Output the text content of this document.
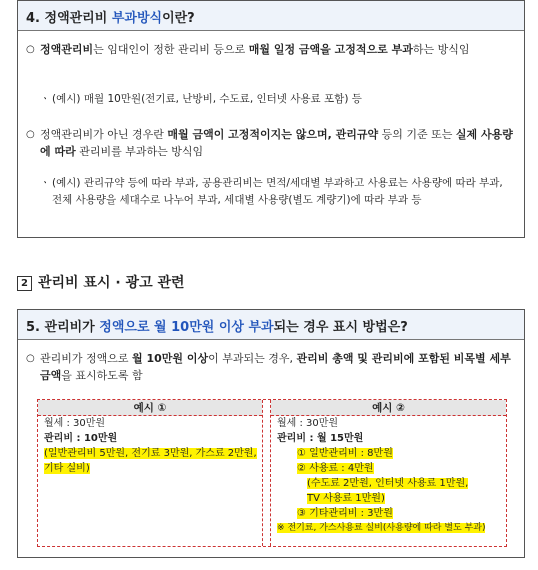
4. 정액관리비 부과방식이란?
○ 정액관리비는 임대인이 정한 관리비 등으로 매월 일정 금액을 고정적으로 부과하는 방식임
ㆍ (예시) 매월 10만원(전기료, 난방비, 수도료, 인터넷 사용료 포함) 등
○ 정액관리비가 아닌 경우란 매월 금액이 고정적이지는 않으며, 관리규약 등의 기준 또는 실제 사용량에 따라 관리비를 부과하는 방식임
ㆍ (예시) 관리규약 등에 따라 부과, 공용관리비는 면적/세대별 부과하고 사용료는 사용량에 따라 부과, 전체 사용량을 세대수로 나누어 부과, 세대별 사용량(별도 계량기)에 따라 부과 등
2 관리비 표시 · 광고 관련
5. 관리비가 정액으로 월 10만원 이상 부과되는 경우 표시 방법은?
○ 관리비가 정액으로 월 10만원 이상이 부과되는 경우, 관리비 총액 및 관리비에 포함된 비목별 세부 금액을 표시하도록 함
예시 ①
월세 : 30만원
관리비 : 10만원
(일반관리비 5만원, 전기료 3만원, 가스료 2만원,
기타 실비)
예시 ②
월세 : 30만원
관리비 : 월 15만원
① 일반관리비 : 8만원
② 사용료 : 4만원
(수도료 2만원, 인터넷 사용료 1만원,
TV 사용료 1만원)
③ 기타관리비 : 3만원
※ 전기료, 가스사용료 실비(사용량에 따라 별도 부과)
